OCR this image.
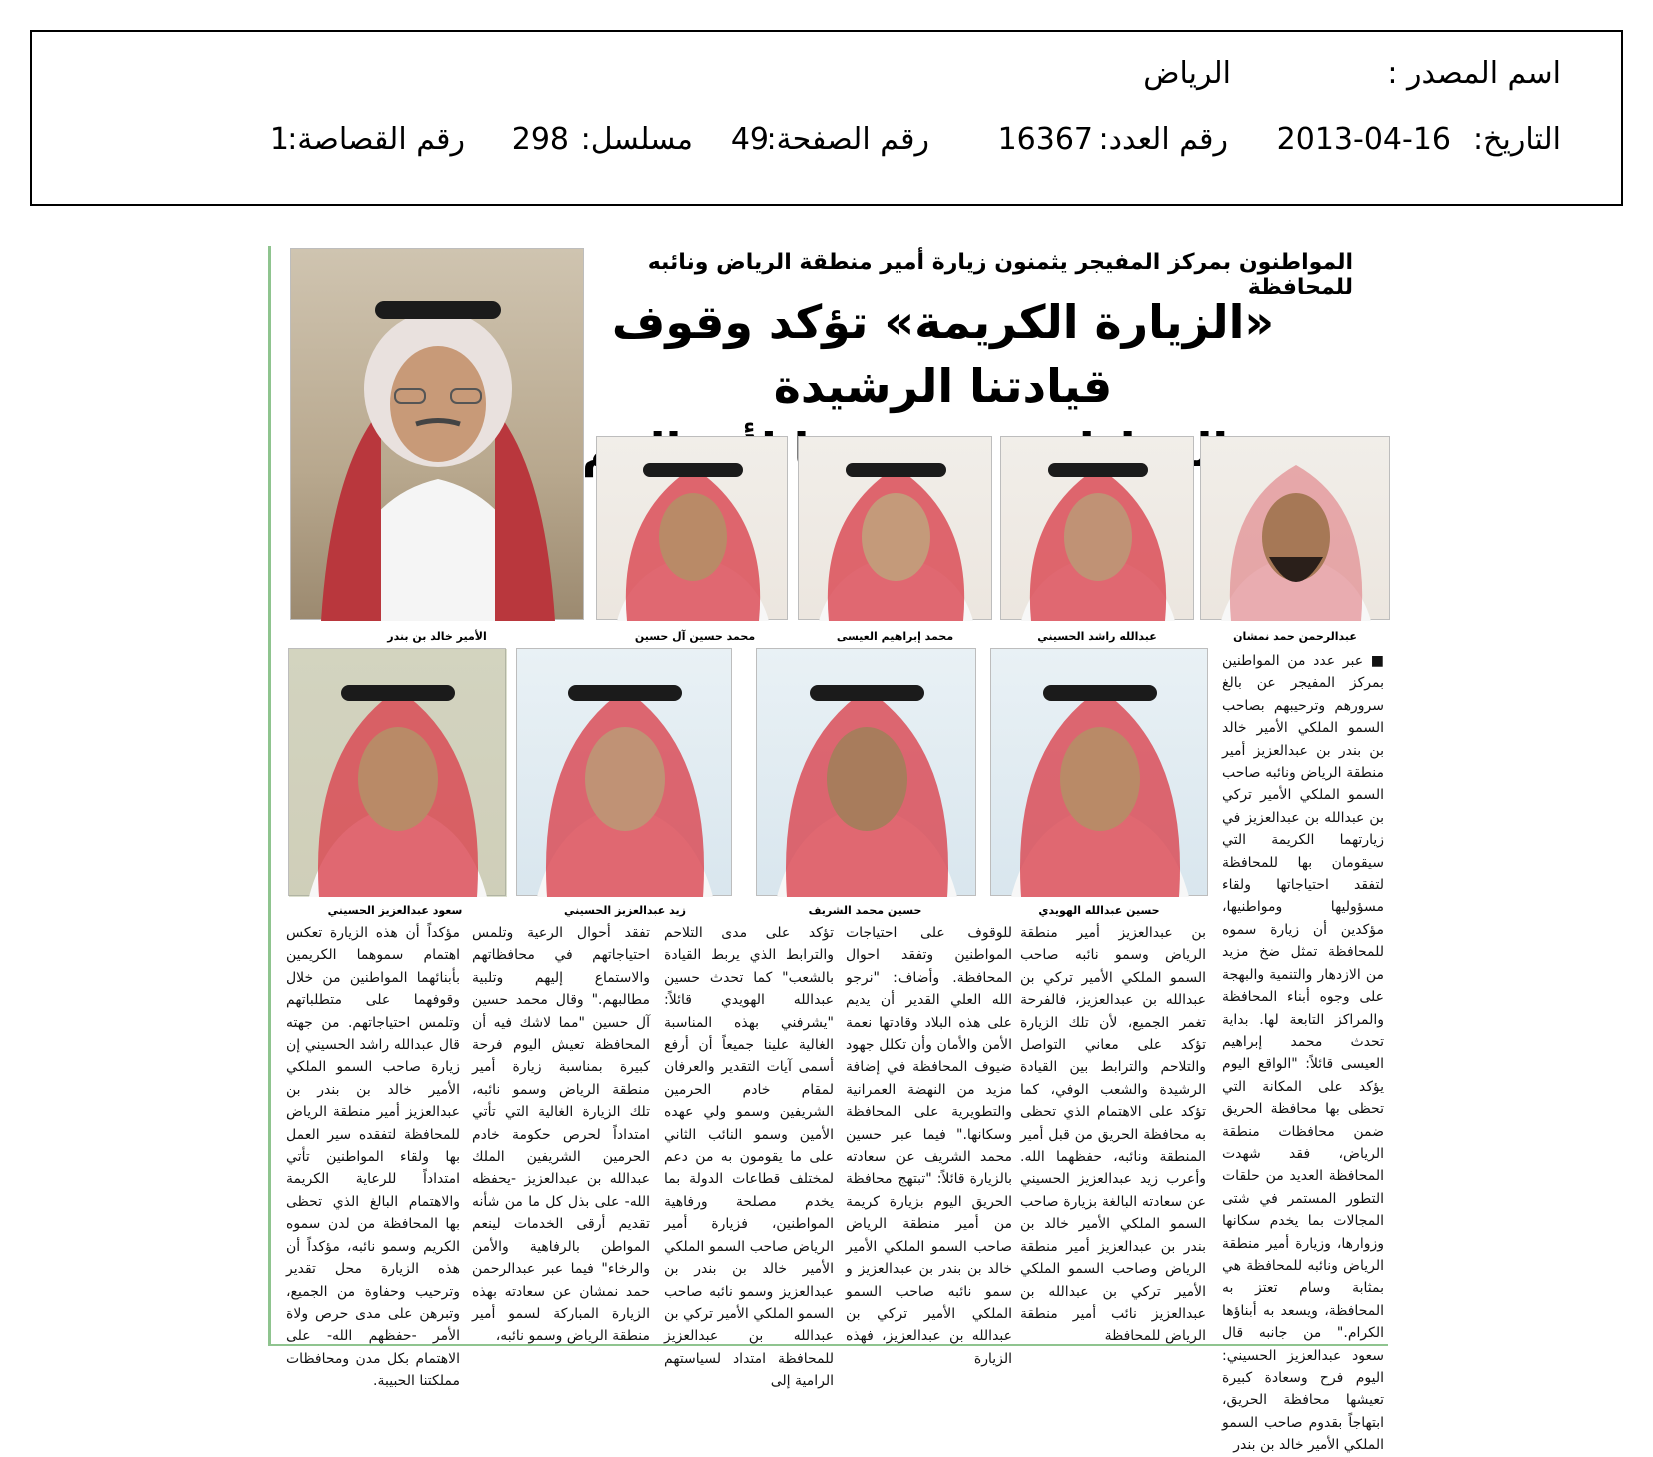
اسم المصدر :
الرياض
التاريخ:
2013-04-16
رقم العدد:
16367
رقم الصفحة:
49
مسلسل:
298
رقم القصاصة:
1
المواطنون بمركز المفيجر يثمنون زيارة أمير منطقة الرياض ونائبه للمحافظة
«الزيارة الكريمة» تؤكد وقوف قيادتنا الرشيدة
الأمير خالد بن بندر	محمد حسين آل حسين	محمد إبراهيم العيسى	عبدالله راشد الحسيني	عبدالرحمن حمد نمشان
سعود عبدالعزيز الحسيني	زيد عبدالعزيز الحسيني	حسين محمد الشريف	حسين عبدالله الهويدي

■ عبر عدد من المواطنين بمركز المفيجر عن بالغ سرورهم وترحيبهم بصاحب السمو الملكي الأمير خالد بن بندر بن عبدالعزيز أمير منطقة الرياض ونائبه صاحب السمو الملكي الأمير تركي بن عبدالله بن عبدالعزيز في زيارتهما الكريمة التي سيقومان بها للمحافظة لتفقد احتياجاتها ولقاء مسؤوليها ومواطنيها، مؤكدين أن زيارة سموه للمحافظة تمثل ضخ مزيد من الازدهار والتنمية والبهجة على وجوه أبناء المحافظة والمراكز التابعة لها. بداية تحدث محمد إبراهيم العيسى قائلاً: "الواقع اليوم يؤكد على المكانة التي تحظى بها محافظة الحريق ضمن محافظات منطقة الرياض، فقد شهدت المحافظة العديد من حلقات التطور المستمر في شتى المجالات بما يخدم سكانها وزوارها، وزيارة أمير منطقة الرياض ونائبه للمحافظة هي بمثابة وسام تعتز به المحافظة، ويسعد به أبناؤها الكرام." من جانبه قال سعود عبدالعزيز الحسيني: اليوم فرح وسعادة كبيرة تعيشها محافظة الحريق، ابتهاجاً بقدوم صاحب السمو الملكي الأمير خالد بن بندر

بن عبدالعزيز أمير منطقة الرياض وسمو نائبه صاحب السمو الملكي الأمير تركي بن عبدالله بن عبدالعزيز، فالفرحة تغمر الجميع، لأن تلك الزيارة تؤكد على معاني التواصل والتلاحم والترابط بين القيادة الرشيدة والشعب الوفي، كما تؤكد على الاهتمام الذي تحظى به محافظة الحريق من قبل أمير المنطقة ونائبه، حفظهما الله. وأعرب زيد عبدالعزيز الحسيني عن سعادته البالغة بزيارة صاحب السمو الملكي الأمير خالد بن بندر بن عبدالعزيز أمير منطقة الرياض وصاحب السمو الملكي الأمير تركي بن عبدالله بن عبدالعزيز نائب أمير منطقة الرياض للمحافظة

للوقوف على احتياجات المواطنين وتفقد احوال المحافظة. وأضاف: "نرجو الله العلي القدير أن يديم على هذه البلاد وقادتها نعمة الأمن والأمان وأن تكلل جهود ضيوف المحافظة في إضافة مزيد من النهضة العمرانية والتطويرية على المحافظة وسكانها." فيما عبر حسين محمد الشريف عن سعادته بالزيارة قائلاً: "تبتهج محافظة الحريق اليوم بزيارة كريمة من أمير منطقة الرياض صاحب السمو الملكي الأمير خالد بن بندر بن عبدالعزيز و سمو نائبه صاحب السمو الملكي الأمير تركي بن عبدالله بن عبدالعزيز، فهذه الزيارة

تؤكد على مدى التلاحم والترابط الذي يربط القيادة بالشعب" كما تحدث حسين عبدالله الهويدي قائلاً: "يشرفني بهذه المناسبة الغالية علينا جميعاً أن أرفع أسمى آيات التقدير والعرفان لمقام خادم الحرمين الشريفين وسمو ولي عهده الأمين وسمو النائب الثاني على ما يقومون به من دعم لمختلف قطاعات الدولة بما يخدم مصلحة ورفاهية المواطنين، فزيارة أمير الرياض صاحب السمو الملكي الأمير خالد بن بندر بن عبدالعزيز وسمو نائبه صاحب السمو الملكي الأمير تركي بن عبدالله بن عبدالعزيز للمحافظة امتداد لسياستهم الرامية إلى

تفقد أحوال الرعية وتلمس احتياجاتهم في محافظاتهم والاستماع إليهم وتلبية مطالبهم." وقال محمد حسين آل حسين "مما لاشك فيه أن المحافظة تعيش اليوم فرحة كبيرة بمناسبة زيارة أمير منطقة الرياض وسمو نائبه، تلك الزيارة الغالية التي تأتي امتداداً لحرص حكومة خادم الحرمين الشريفين الملك عبدالله بن عبدالعزيز -يحفظه الله- على بذل كل ما من شأنه تقديم أرقى الخدمات لينعم المواطن بالرفاهية والأمن والرخاء" فيما عبر عبدالرحمن حمد نمشان عن سعادته بهذه الزيارة المباركة لسمو أمير منطقة الرياض وسمو نائبه،

مؤكداً أن هذه الزيارة تعكس اهتمام سموهما الكريمين بأبنائهما المواطنين من خلال وقوفهما على متطلباتهم وتلمس احتياجاتهم. من جهته قال عبدالله راشد الحسيني إن زيارة صاحب السمو الملكي الأمير خالد بن بندر بن عبدالعزيز أمير منطقة الرياض للمحافظة لتفقده سير العمل بها ولقاء المواطنين تأتي امتداداً للرعاية الكريمة والاهتمام البالغ الذي تحظى بها المحافظة من لدن سموه الكريم وسمو نائبه، مؤكداً أن هذه الزيارة محل تقدير وترحيب وحفاوة من الجميع، وتبرهن على مدى حرص ولاة الأمر -حفظهم الله- على الاهتمام بكل مدن ومحافظات مملكتنا الحبيبة.
